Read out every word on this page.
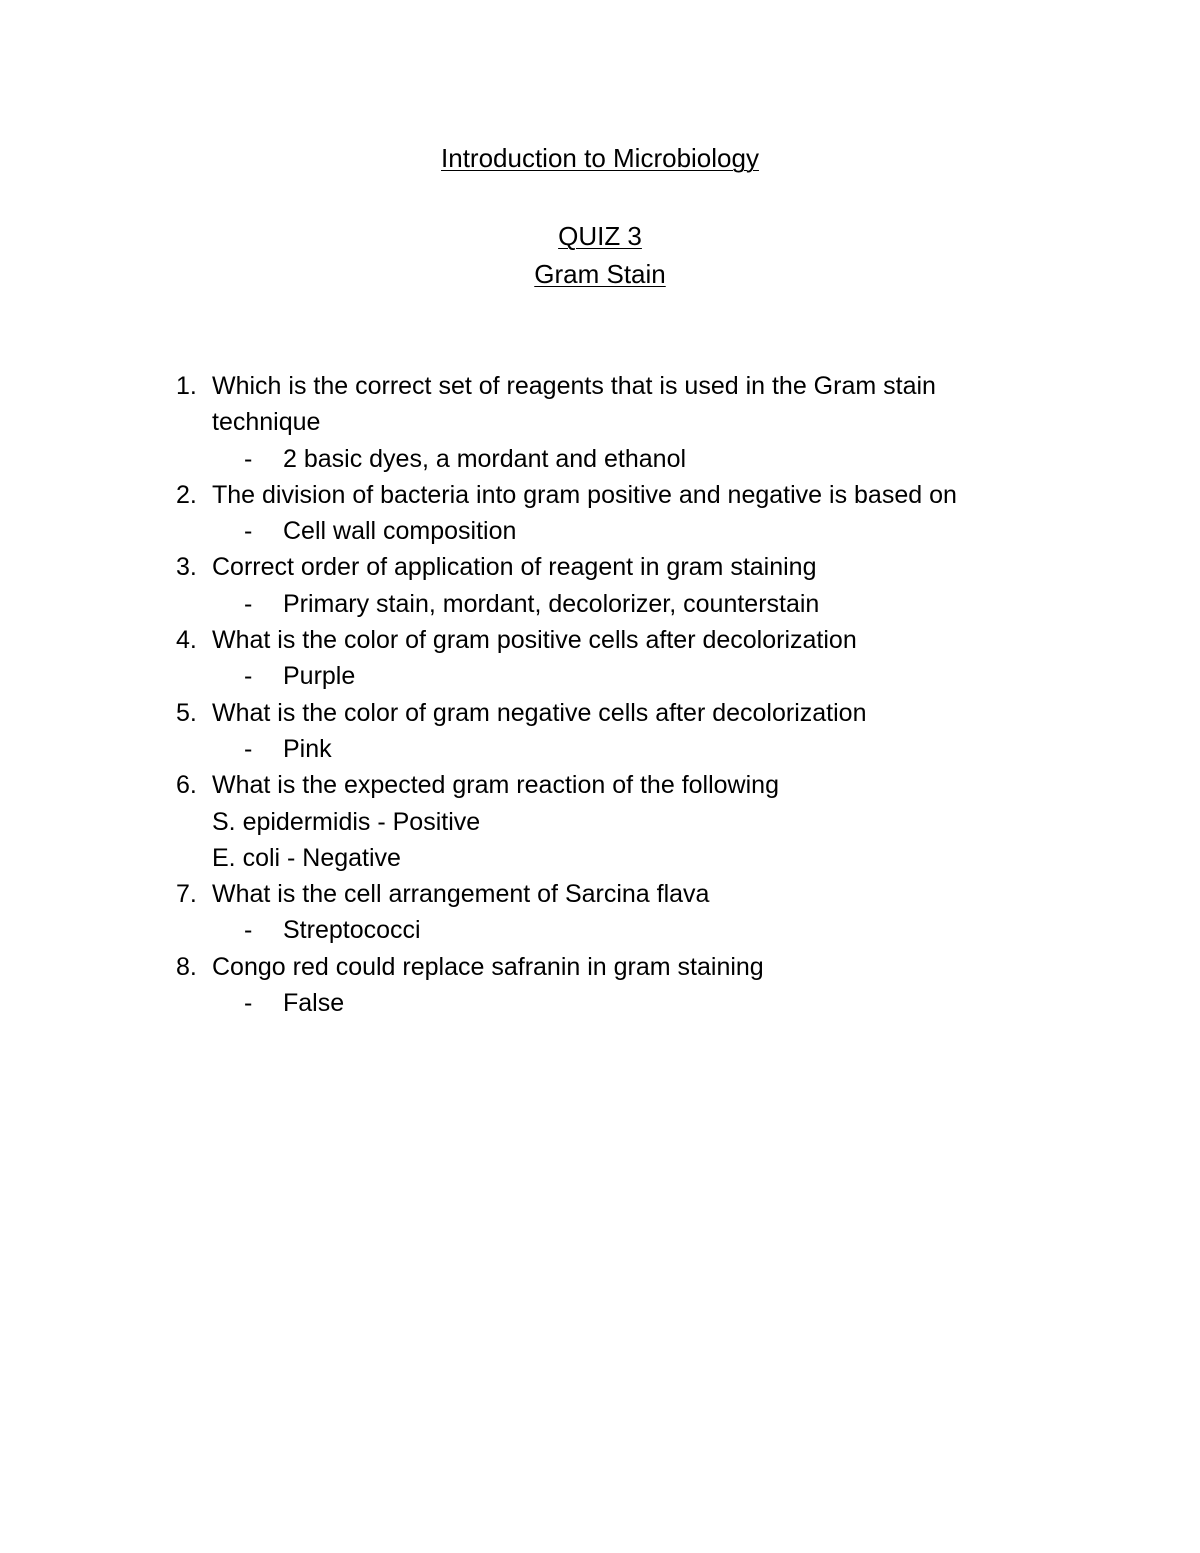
Introduction to Microbiology
QUIZ 3
Gram Stain
1. Which is the correct set of reagents that is used in the Gram stain
technique
- 2 basic dyes, a mordant and ethanol
2. The division of bacteria into gram positive and negative is based on
- Cell wall composition
3. Correct order of application of reagent in gram staining
- Primary stain, mordant, decolorizer, counterstain
4. What is the color of gram positive cells after decolorization
- Purple
5. What is the color of gram negative cells after decolorization
- Pink
6. What is the expected gram reaction of the following
S. epidermidis - Positive
E. coli - Negative
7. What is the cell arrangement of Sarcina flava
- Streptococci
8. Congo red could replace safranin in gram staining
- False
